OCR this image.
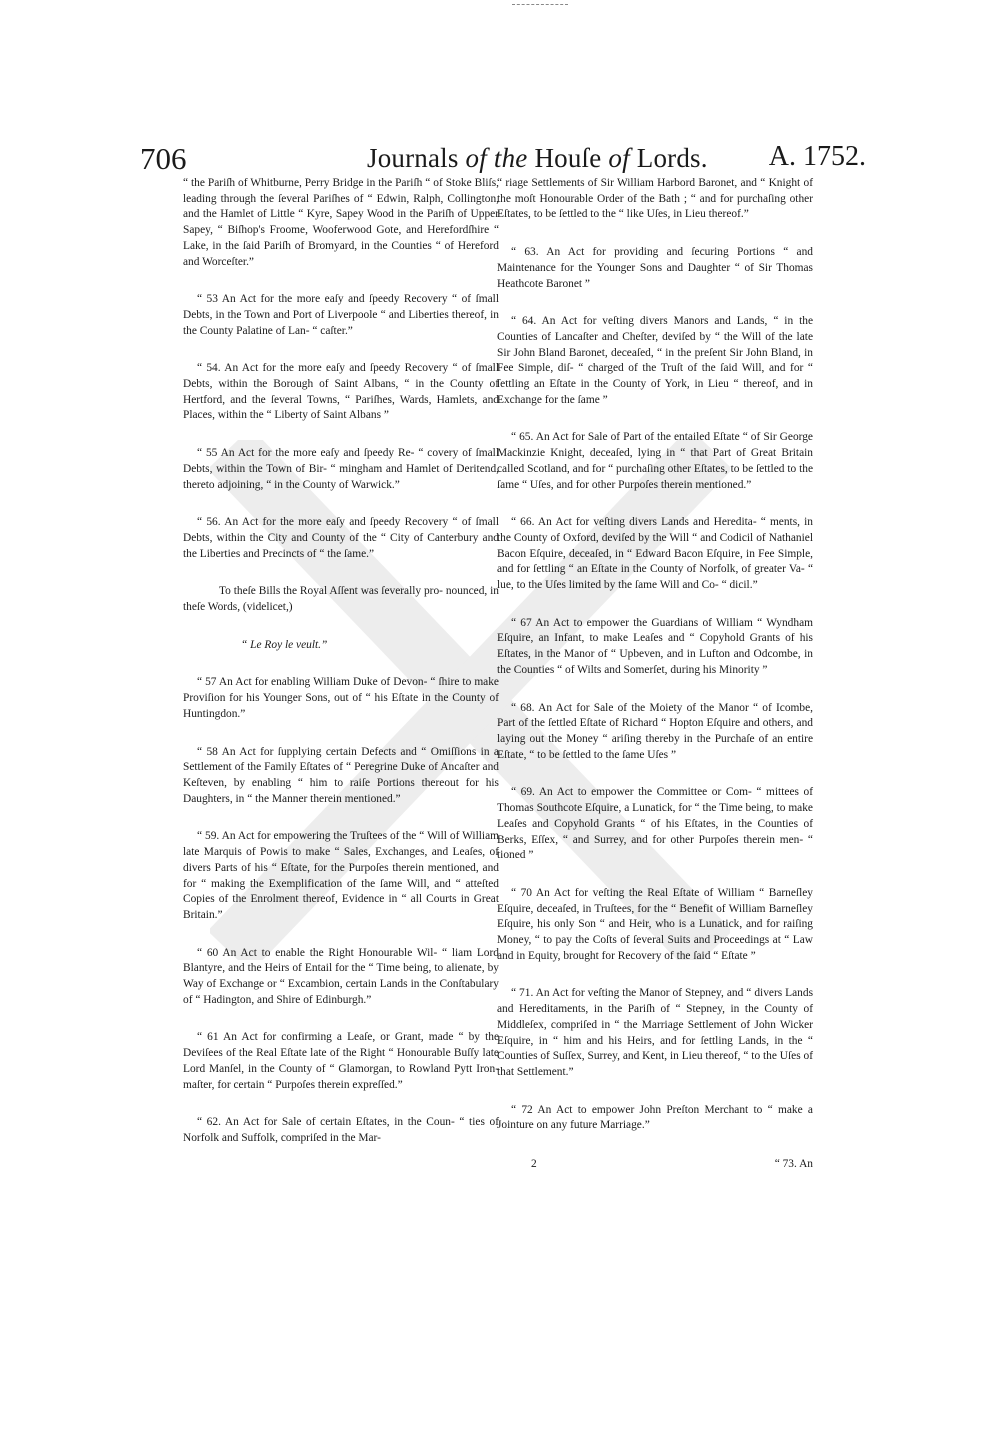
706	Journals of the Houſe of Lords. A. 1752.
“ the Pariſh of Whitburne, Perry Bridge in the Pariſh “ of Stoke Bliſs, leading through the ſeveral Pariſhes of “ Edwin, Ralph, Collington, and the Hamlet of Little “ Kyre, Sapey Wood in the Pariſh of Upper Sapey, “ Biſhop's Froome, Wooferwood Gote, and Herefordſhire “ Lake, in the ſaid Pariſh of Bromyard, in the Counties “ of Hereford and Worceſter.”
“ 53 An Act for the more eaſy and ſpeedy Recovery “ of ſmall Debts, in the Town and Port of Liverpoole “ and Liberties thereof, in the County Palatine of Lan- “ caſter.”
“ 54. An Act for the more eaſy and ſpeedy Recovery “ of ſmall Debts, within the Borough of Saint Albans, “ in the County of Hertford, and the ſeveral Towns, “ Pariſhes, Wards, Hamlets, and Places, within the “ Liberty of Saint Albans ”
“ 55 An Act for the more eaſy and ſpeedy Re- “ covery of ſmall Debts, within the Town of Bir- “ mingham and Hamlet of Deritend, thereto adjoining, “ in the County of Warwick.”
“ 56. An Act for the more eaſy and ſpeedy Recovery “ of ſmall Debts, within the City and County of the “ City of Canterbury and the Liberties and Precincts of “ the ſame.”
To theſe Bills the Royal Aſſent was ſeverally pro- nounced, in theſe Words, (videlicet,)
“ Le Roy le veult.”
“ 57 An Act for enabling William Duke of Devon- “ ſhire to make Proviſion for his Younger Sons, out of “ his Eſtate in the County of Huntingdon.”
“ 58 An Act for ſupplying certain Defects and “ Omiſſions in a Settlement of the Family Eſtates of “ Peregrine Duke of Ancaſter and Keſteven, by enabling “ him to raiſe Portions thereout for his Daughters, in “ the Manner therein mentioned.”
“ 59. An Act for empowering the Truſtees of the “ Will of William late Marquis of Powis to make “ Sales, Exchanges, and Leaſes, of divers Parts of his “ Eſtate, for the Purpoſes therein mentioned, and for “ making the Exemplification of the ſame Will, and “ atteſted Copies of the Enrolment thereof, Evidence in “ all Courts in Great Britain.”
“ 60 An Act to enable the Right Honourable Wil- “ liam Lord Blantyre, and the Heirs of Entail for the “ Time being, to alienate, by Way of Exchange or “ Excambion, certain Lands in the Conſtabulary of “ Hadington, and Shire of Edinburgh.”
“ 61 An Act for confirming a Leaſe, or Grant, made “ by the Deviſees of the Real Eſtate late of the Right “ Honourable Buſſy late Lord Manſel, in the County of “ Glamorgan, to Rowland Pytt Iron-maſter, for certain “ Purpoſes therein expreſſed.”
“ 62. An Act for Sale of certain Eſtates, in the Coun- “ ties of Norfolk and Suffolk, compriſed in the Mar-
“ riage Settlements of Sir William Harbord Baronet, and “ Knight of the moſt Honourable Order of the Bath ; “ and for purchaſing other Eſtates, to be ſettled to the “ like Uſes, in Lieu thereof.”
“ 63. An Act for providing and ſecuring Portions “ and Maintenance for the Younger Sons and Daughter “ of Sir Thomas Heathcote Baronet ”
“ 64. An Act for veſting divers Manors and Lands, “ in the Counties of Lancaſter and Cheſter, deviſed by “ the Will of the late Sir John Bland Baronet, deceaſed, “ in the preſent Sir John Bland, in Fee Simple, diſ- “ charged of the Truſt of the ſaid Will, and for “ ſettling an Eſtate in the County of York, in Lieu “ thereof, and in Exchange for the ſame ”
“ 65. An Act for Sale of Part of the entailed Eſtate “ of Sir George Mackinzie Knight, deceaſed, lying in “ that Part of Great Britain called Scotland, and for “ purchaſing other Eſtates, to be ſettled to the ſame “ Uſes, and for other Purpoſes therein mentioned.”
“ 66. An Act for veſting divers Lands and Heredita- “ ments, in the County of Oxford, deviſed by the Will “ and Codicil of Nathaniel Bacon Eſquire, deceaſed, in “ Edward Bacon Eſquire, in Fee Simple, and for ſettling “ an Eſtate in the County of Norfolk, of greater Va- “ lue, to the Uſes limited by the ſame Will and Co- “ dicil.”
“ 67 An Act to empower the Guardians of William “ Wyndham Eſquire, an Infant, to make Leaſes and “ Copyhold Grants of his Eſtates, in the Manor of “ Upbeven, and in Lufton and Odcombe, in the Counties “ of Wilts and Somerſet, during his Minority ”
“ 68. An Act for Sale of the Moiety of the Manor “ of Icombe, Part of the ſettled Eſtate of Richard “ Hopton Eſquire and others, and laying out the Money “ ariſing thereby in the Purchaſe of an entire Eſtate, “ to be ſettled to the ſame Uſes ”
“ 69. An Act to empower the Committee or Com- “ mittees of Thomas Southcote Eſquire, a Lunatick, for “ the Time being, to make Leaſes and Copyhold Grants “ of his Eſtates, in the Counties of Berks, Eſſex, “ and Surrey, and for other Purpoſes therein men- “ tioned ”
“ 70 An Act for veſting the Real Eſtate of William “ Barneſley Eſquire, deceaſed, in Truſtees, for the “ Benefit of William Barneſley Eſquire, his only Son “ and Heir, who is a Lunatick, and for raiſing Money, “ to pay the Coſts of ſeveral Suits and Proceedings at “ Law and in Equity, brought for Recovery of the ſaid “ Eſtate ”
“ 71. An Act for veſting the Manor of Stepney, and “ divers Lands and Hereditaments, in the Pariſh of “ Stepney, in the County of Middleſex, compriſed in “ the Marriage Settlement of John Wicker Eſquire, in “ him and his Heirs, and for ſettling Lands, in the “ Counties of Suſſex, Surrey, and Kent, in Lieu thereof, “ to the Uſes of that Settlement.”
“ 72 An Act to empower John Preſton Merchant to “ make a Jointure on any future Marriage.”
2	“ 73. An
